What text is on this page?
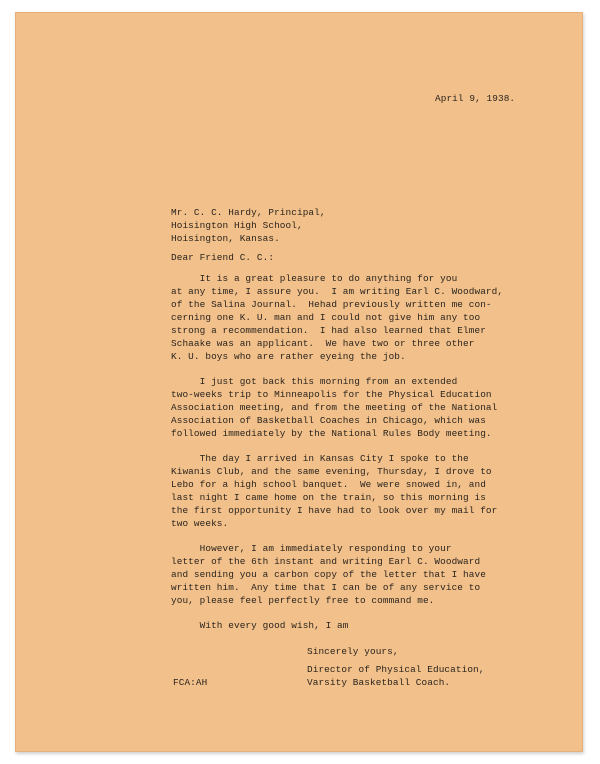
April 9, 1938.
Mr. C. C. Hardy, Principal,
Hoisington High School,
Hoisington, Kansas.
Dear Friend C. C.:
It is a great pleasure to do anything for you
at any time, I assure you.  I am writing Earl C. Woodward,
of the Salina Journal.  Hehad previously written me con-
cerning one K. U. man and I could not give him any too
strong a recommendation.  I had also learned that Elmer
Schaake was an applicant.  We have two or three other
K. U. boys who are rather eyeing the job.
I just got back this morning from an extended
two-weeks trip to Minneapolis for the Physical Education
Association meeting, and from the meeting of the National
Association of Basketball Coaches in Chicago, which was
followed immediately by the National Rules Body meeting.
The day I arrived in Kansas City I spoke to the
Kiwanis Club, and the same evening, Thursday, I drove to
Lebo for a high school banquet.  We were snowed in, and
last night I came home on the train, so this morning is
the first opportunity I have had to look over my mail for
two weeks.
However, I am immediately responding to your
letter of the 6th instant and writing Earl C. Woodward
and sending you a carbon copy of the letter that I have
written him.  Any time that I can be of any service to
you, please feel perfectly free to command me.
With every good wish, I am
Sincerely yours,
Director of Physical Education,
Varsity Basketball Coach.
FCA:AH
